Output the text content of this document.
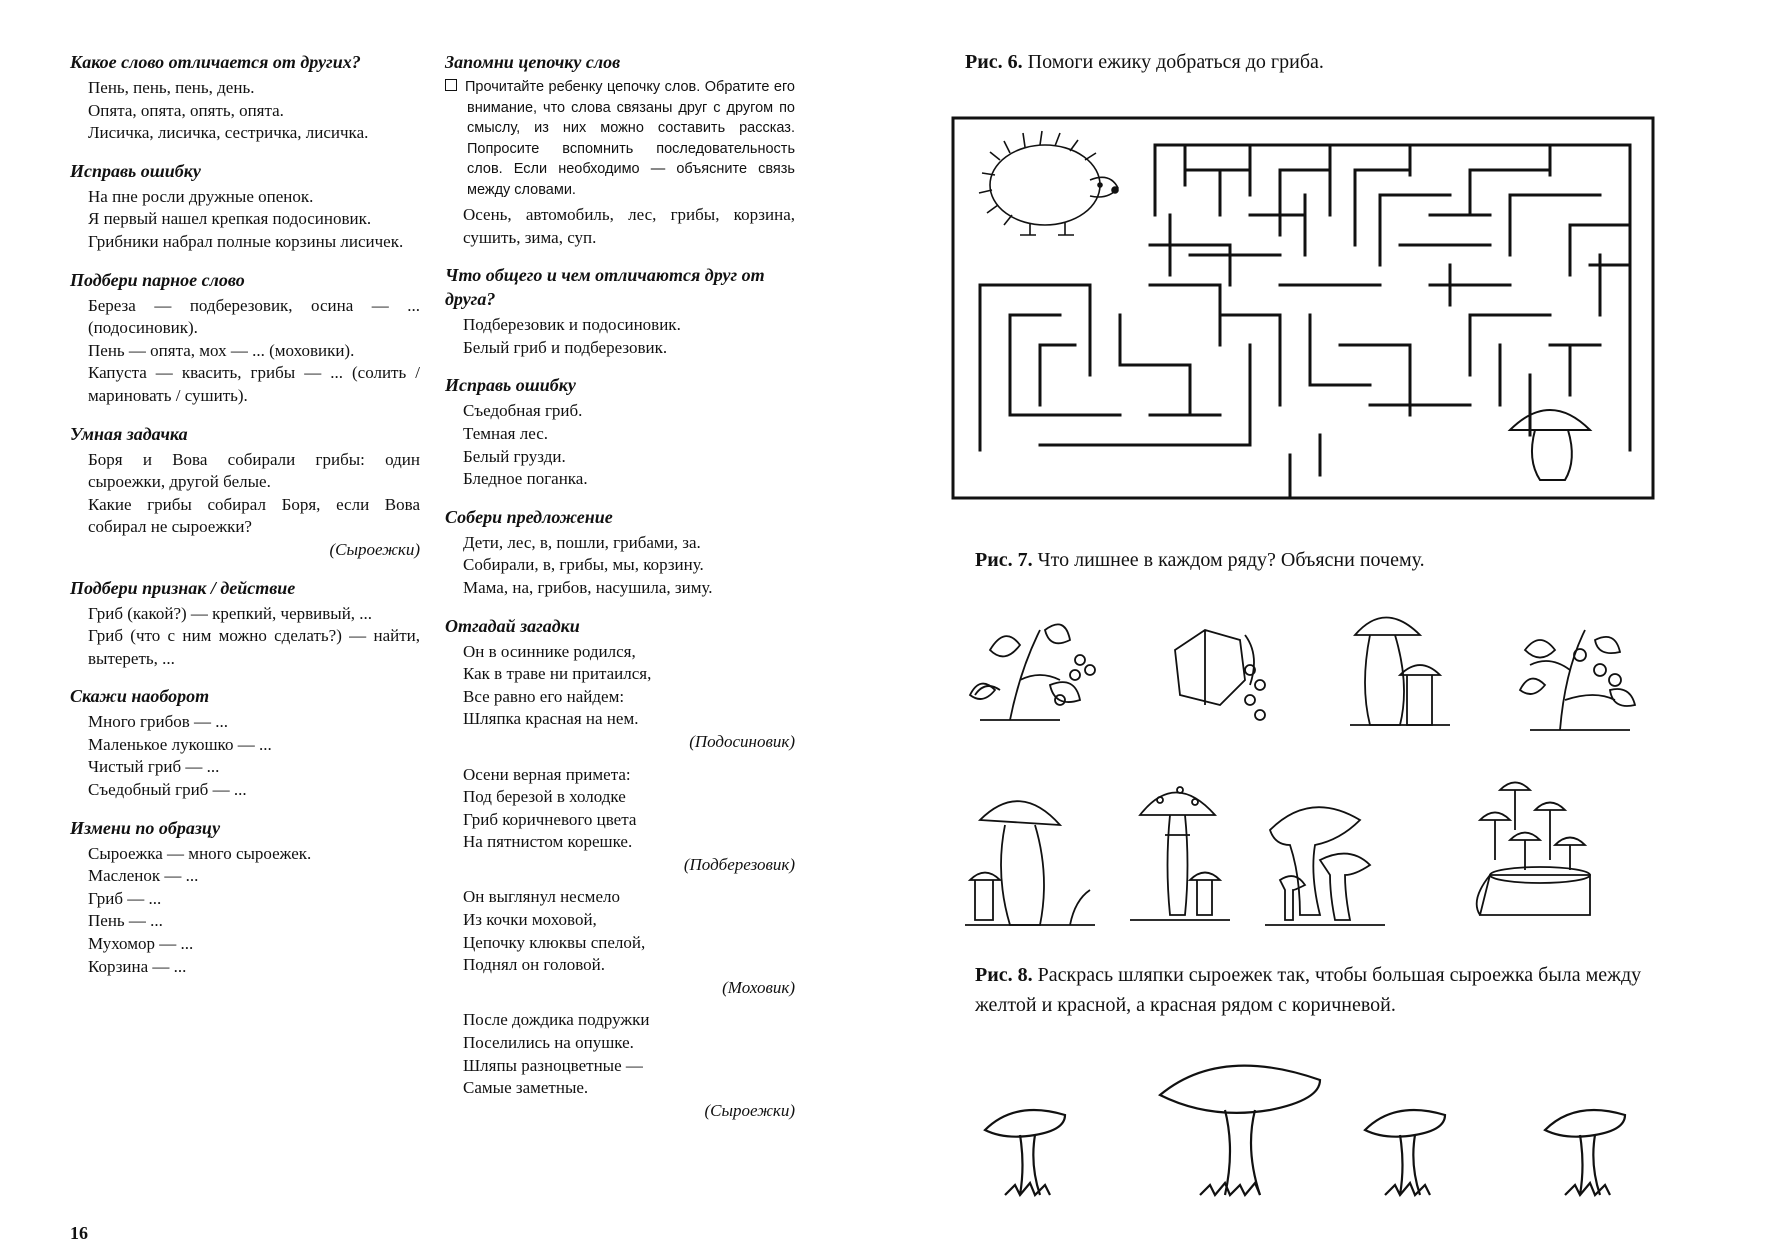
Какое слово отличается от других?
Пень, пень, пень, день.
Опята, опята, опять, опята.
Лисичка, лисичка, сестричка, лисичка.
Исправь ошибку
На пне росли дружные опенок.
Я первый нашел крепкая подосиновик.
Грибники набрал полные корзины лисичек.
Подбери парное слово
Береза — подберезовик, осина — ... (подосиновик).
Пень — опята, мох — ... (моховики).
Капуста — квасить, грибы — ... (солить / мариновать / сушить).
Умная задачка
Боря и Вова собирали грибы: один сыроежки, другой белые.
Какие грибы собирал Боря, если Вова собирал не сыроежки?
(Сыроежки)
Подбери признак / действие
Гриб (какой?) — крепкий, червивый, ...
Гриб (что с ним можно сделать?) — найти, вытереть, ...
Скажи наоборот
Много грибов — ...
Маленькое лукошко — ...
Чистый гриб — ...
Съедобный гриб — ...
Измени по образцу
Сыроежка — много сыроежек.
Масленок — ...
Гриб — ...
Пень — ...
Мухомор — ...
Корзина — ...
Запомни цепочку слов
Прочитайте ребенку цепочку слов. Обратите его внимание, что слова связаны друг с другом по смыслу, из них можно составить рассказ. Попросите вспомнить последовательность слов. Если необходимо — объясните связь между словами.
Осень, автомобиль, лес, грибы, корзина, сушить, зима, суп.
Что общего и чем отличаются друг от друга?
Подберезовик и подосиновик.
Белый гриб и подберезовик.
Исправь ошибку
Съедобная гриб.
Темная лес.
Белый грузди.
Бледное поганка.
Собери предложение
Дети, лес, в, пошли, грибами, за.
Собирали, в, грибы, мы, корзину.
Мама, на, грибов, насушила, зиму.
Отгадай загадки
Он в осиннике родился,
Как в траве ни притаился,
Все равно его найдем:
Шляпка красная на нем.
(Подосиновик)
Осени верная примета:
Под березой в холодке
Гриб коричневого цвета
На пятнистом корешке.
(Подберезовик)
Он выглянул несмело
Из кочки моховой,
Цепочку клюквы спелой,
Поднял он головой.
(Моховик)
После дождика подружки
Поселились на опушке.
Шляпы разноцветные —
Самые заметные.
(Сыроежки)
16
Рис. 6. Помоги ежику добраться до гриба.
Рис. 7. Что лишнее в каждом ряду? Объясни почему.
Рис. 8. Раскрась шляпки сыроежек так, чтобы большая сыроежка была между желтой и красной, а красная рядом с коричневой.
